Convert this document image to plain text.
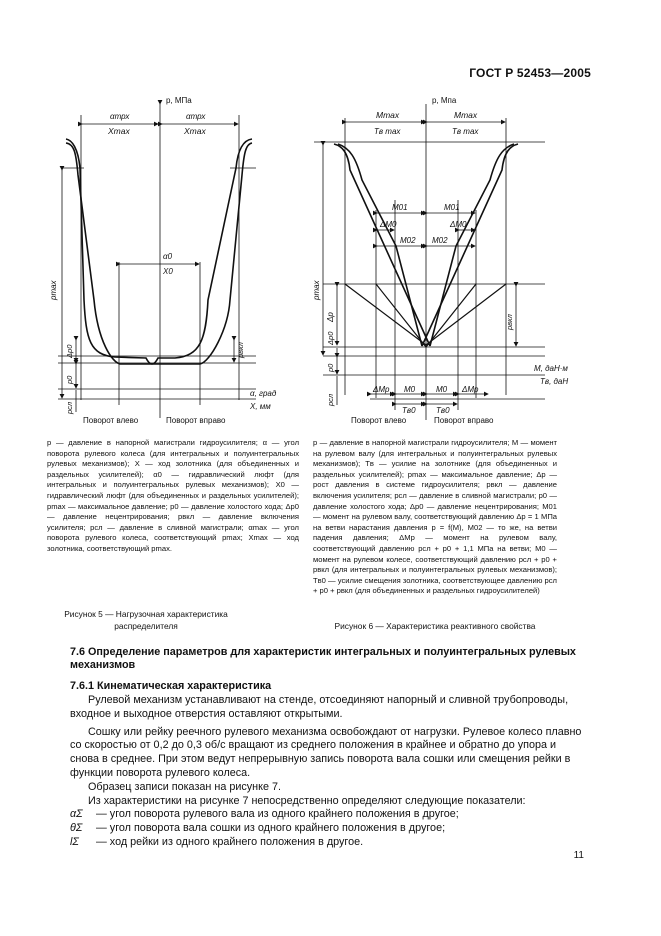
ГОСТ Р 52453—2005
p, МПа
αтрх
Xmax
αтрх
Xmax
α0
X0
pmax
Δp0
p0
pсл
pвкл
α, град
X, мм
Поворот влево	Поворот вправо
p, Мпа
Mmax
Tв max
Mmax
Tв max
M01	M01
ΔM0	ΔM0
M02 M02
pmax
Δp
Δp0
pвкл
p0
pсл
M, даН·м
Tв, даН
ΔMp M0	M0 ΔMp
Tв0	Tв0
Поворот влево	Поворот вправо
p — давление в напорной магистрали гидроусилителя; α — угол поворота рулевого колеса (для интегральных и полуинтегральных рулевых механизмов); X — ход золотника (для объединенных и раздельных усилителей); α0 — гидравлический люфт (для интегральных и полуинтегральных рулевых механизмов); X0 — гидравлический люфт (для объединенных и раздельных усилителей); pmax — максимальное давление; p0 — давление холостого хода; Δp0 — давление нецентрирования; pвкл — давление включения усилителя; pсл — давление в сливной магистрали; αmax — угол поворота рулевого колеса, соответствующий pmax; Xmax — ход золотника, соответствующий pmax.
p — давление в напорной магистрали гидроусилителя; M — момент на рулевом валу (для интегральных и полуинтегральных рулевых механизмов); Tв — усилие на золотнике (для объединенных и раздельных усилителей); pmax — максимальное давление; Δp — рост давления в системе гидроусилителя; pвкл — давление включения усилителя; pсл — давление в сливной магистрали; p0 — давление холостого хода; Δp0 — давление нецентрирования; M01 — момент на рулевом валу, соответствующий давлению Δp = 1 МПа на ветви нарастания давления p = f(M), M02 — то же, на ветви падения давления; ΔMp — момент на рулевом валу, соответствующий давлению pсл + p0 + 1,1 МПа на ветви; M0 — момент на рулевом колесе, соответствующий давлению pсл + p0 + pвкл (для интегральных и полуинтегральных рулевых механизмов); Tв0 — усилие смещения золотника, соответствующее давлению pсл + p0 + pвкл (для объединенных и раздельных гидроусилителей)
Рисунок 5 — Нагрузочная характеристика распределителя	Рисунок 6 — Характеристика реактивного свойства
7.6 Определение параметров для характеристик интегральных и полуинтегральных рулевых механизмов
7.6.1 Кинематическая характеристика
Рулевой механизм устанавливают на стенде, отсоединяют напорный и сливной трубопроводы, входное и выходное отверстия оставляют открытыми.
Сошку или рейку реечного рулевого механизма освобождают от нагрузки. Рулевое колесо плавно со скоростью от 0,2 до 0,3 об/с вращают из среднего положения в крайнее и обратно до упора и снова в среднее. При этом ведут непрерывную запись поворота вала сошки или смещения рейки в функции поворота рулевого колеса.
Образец записи показан на рисунке 7.
Из характеристики на рисунке 7 непосредственно определяют следующие показатели:
αΣ — угол поворота рулевого вала из одного крайнего положения в другое;
θΣ — угол поворота вала сошки из одного крайнего положения в другое;
lΣ — ход рейки из одного крайнего положения в другое.
11
